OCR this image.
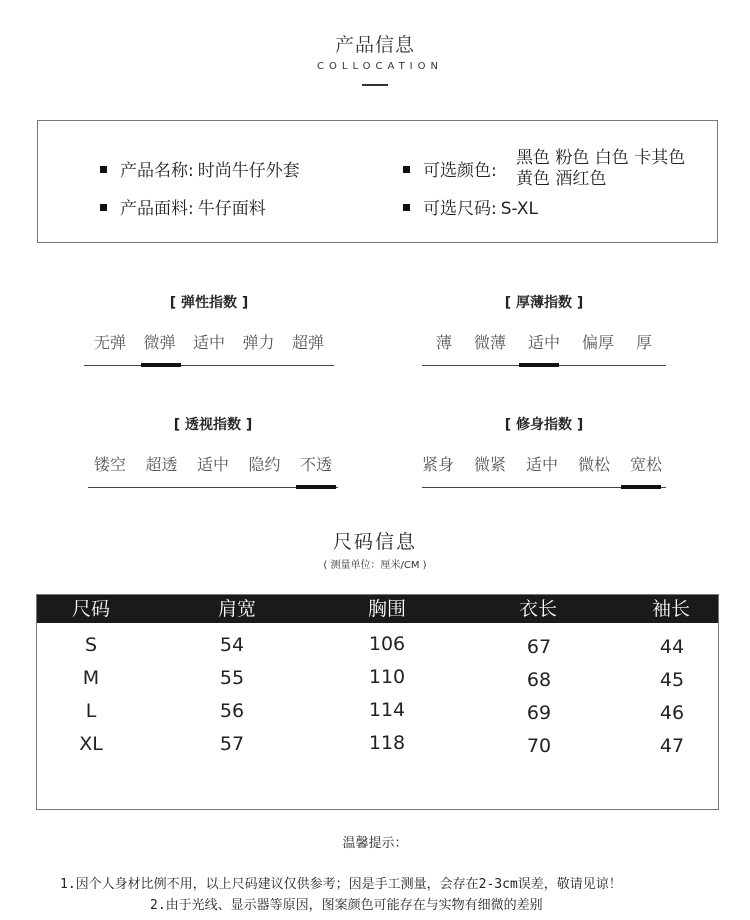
产品信息
COLLOCATION
产品名称: 时尚牛仔外套
产品面料: 牛仔面料
可选颜色:
黑色 粉色 白色 卡其色
黄色 酒红色
可选尺码: S-XL
[ 弹性指数 ]
无弹 微弹 适中 弹力 超弹
[ 厚薄指数 ]
薄 微薄 适中 偏厚 厚
[ 透视指数 ]
镂空 超透 适中 隐约 不透
[ 修身指数 ]
紧身 微紧 适中 微松 宽松
尺码信息
( 测量单位：厘米/CM )
尺码	肩宽	胸围	衣长	袖长
S	54	106	67	44
M	55	110	68	45
L	56	114	69	46
XL	57	118	70	47
温馨提示：
1.因个人身材比例不用，以上尺码建议仅供参考；因是手工测量，会存在2-3cm误差，敬请见谅！
2.由于光线、显示器等原因，图案颜色可能存在与实物有细微的差别
